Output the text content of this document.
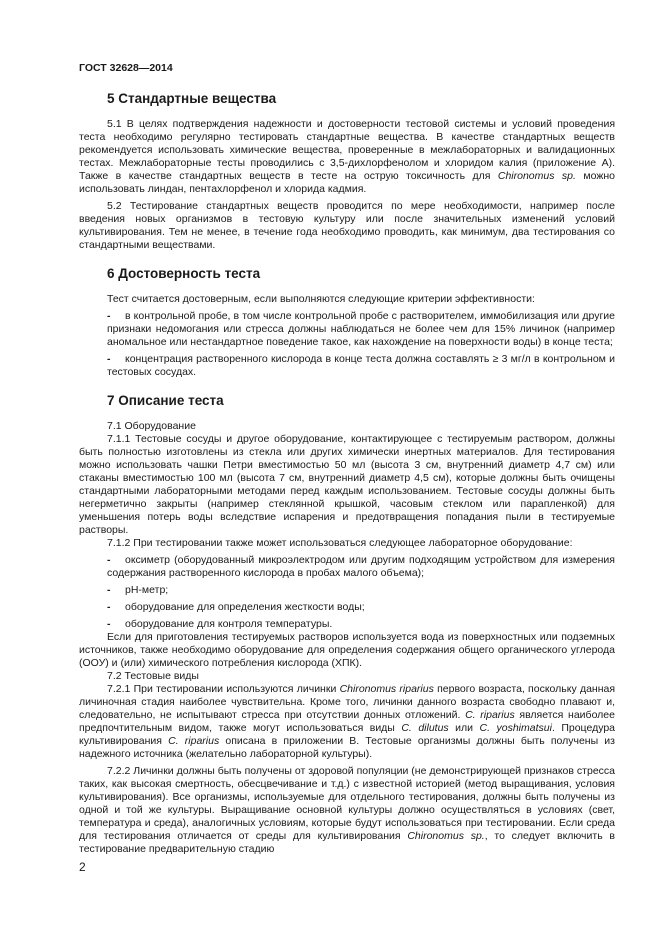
ГОСТ 32628—2014
5 Стандартные вещества

5.1 В целях подтверждения надежности и достоверности тестовой системы и условий проведения теста необходимо регулярно тестировать стандартные вещества. В качестве стандартных веществ рекомендуется использовать химические вещества, проверенные в межлабораторных и валидационных тестах. Межлабораторные тесты проводились с 3,5-дихлорфенолом и хлоридом калия (приложение А). Также в качестве стандартных веществ в тесте на острую токсичность для Chironomus sp. можно использовать линдан, пентахлорфенол и хлорида кадмия.

5.2 Тестирование стандартных веществ проводится по мере необходимости, например после введения новых организмов в тестовую культуру или после значительных изменений условий культивирования. Тем не менее, в течение года необходимо проводить, как минимум, два тестирования со стандартными веществами.

6 Достоверность теста

Тест считается достоверным, если выполняются следующие критерии эффективности:

- в контрольной пробе, в том числе контрольной пробе с растворителем, иммобилизация или другие признаки недомогания или стресса должны наблюдаться не более чем для 15% личинок (например аномальное или нестандартное поведение такое, как нахождение на поверхности воды) в конце теста;
- концентрация растворенного кислорода в конце теста должна составлять ≥ 3 мг/л в контрольном и тестовых сосудах.
7 Описание теста

7.1 Оборудование

7.1.1 Тестовые сосуды и другое оборудование, контактирующее с тестируемым раствором, должны быть полностью изготовлены из стекла или других химически инертных материалов. Для тестирования можно использовать чашки Петри вместимостью 50 мл (высота 3 см, внутренний диаметр 4,7 см) или стаканы вместимостью 100 мл (высота 7 см, внутренний диаметр 4,5 см), которые должны быть очищены стандартными лабораторными методами перед каждым использованием. Тестовые сосуды должны быть негерметично закрыты (например стеклянной крышкой, часовым стеклом или парапленкой) для уменьшения потерь воды вследствие испарения и предотвращения попадания пыли в тестируемые растворы.

7.1.2 При тестировании также может использоваться следующее лабораторное оборудование:

- оксиметр (оборудованный микроэлектродом или другим подходящим устройством для измерения содержания растворенного кислорода в пробах малого объема);
- pH-метр;
- оборудование для определения жесткости воды;
- оборудование для контроля температуры.

Если для приготовления тестируемых растворов используется вода из поверхностных или подземных источников, также необходимо оборудование для определения содержания общего органического углерода (ООУ) и (или) химического потребления кислорода (ХПК).

7.2 Тестовые виды

7.2.1 При тестировании используются личинки Chironomus riparius первого возраста, поскольку данная личиночная стадия наиболее чувствительна. Кроме того, личинки данного возраста свободно плавают и, следовательно, не испытывают стресса при отсутствии донных отложений. C. riparius является наиболее предпочтительным видом, также могут использоваться виды C. dilutus или C. yoshimatsui. Процедура культивирования C. riparius описана в приложении В. Тестовые организмы должны быть получены из надежного источника (желательно лабораторной культуры).

7.2.2 Личинки должны быть получены от здоровой популяции (не демонстрирующей признаков стресса таких, как высокая смертность, обесцвечивание и т.д.) с известной историей (метод выращивания, условия культивирования). Все организмы, используемые для отдельного тестирования, должны быть получены из одной и той же культуры. Выращивание основной культуры должно осуществляться в условиях (свет, температура и среда), аналогичных условиям, которые будут использоваться при тестировании. Если среда для тестирования отличается от среды для культивирования Chironomus sp., то следует включить в тестирование предварительную стадию

2
